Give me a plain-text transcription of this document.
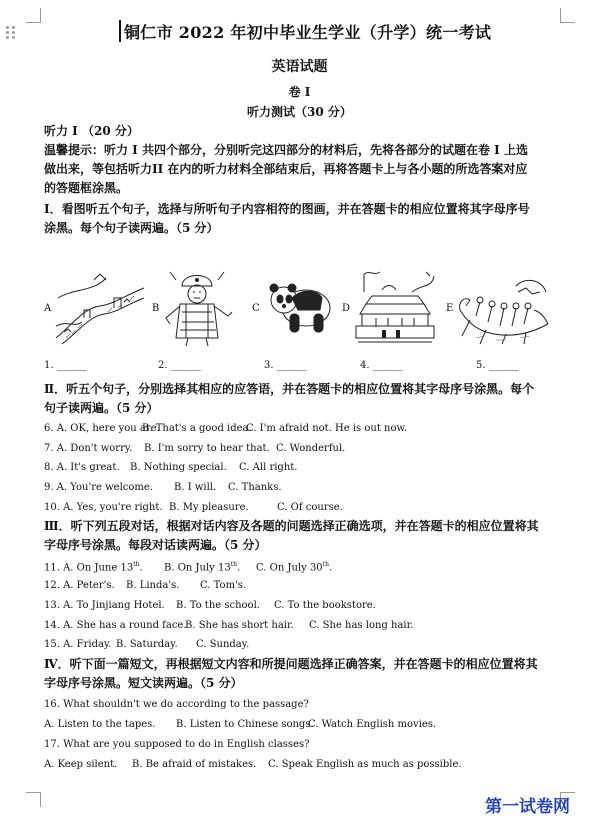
铜仁市 2022 年初中毕业生学业（升学）统一考试
英语试题
卷 I
听力测试（30 分）
听力 I （20 分）
温馨提示：听力 I 共四个部分，分别听完这四部分的材料后，先将各部分的试题在卷 I 上选
做出来，等包括听力II 在内的听力材料全部结束后，再将答题卡上与各小题的所选答案对应
的答题框涂黑。
Ⅰ．看图听五个句子，选择与所听句子内容相符的图画，并在答题卡的相应位置将其字母序号
涂黑。每个句子读两遍。（5 分）
A	B	C	D	E
1. ______	2. ______	3. ______	4. ______	5. ______
Ⅱ．听五个句子，分别选择其相应的应答语，并在答题卡的相应位置将其字母序号涂黑。每个
句子读两遍。（5 分）
6. A. OK, here you are.B. That's a good idea.C. I'm afraid not. He is out now.
7. A. Don't worry. B. I'm sorry to hear that. C. Wonderful.
8. A. It's great. B. Nothing special. C. All right.
9. A. You're welcome. B. I will. C. Thanks.
10. A. Yes, you're right. B. My pleasure.	C. Of course.
Ⅲ．听下列五段对话，根据对话内容及各题的问题选择正确选项，并在答题卡的相应位置将其
字母序号涂黑。每段对话读两遍。（5 分）
11. A. On June 13th. B. On July 13th. C. On July 30th.
12. A. Peter's. B. Linda's. C. Tom's.
13. A. To Jinjiang Hotel. B. To the school. C. To the bookstore.
14. A. She has a round face.B. She has short hair. C. She has long hair.
15. A. Friday. B. Saturday. C. Sunday.
Ⅳ．听下面一篇短文，再根据短文内容和所提问题选择正确答案，并在答题卡的相应位置将其
字母序号涂黑。短文读两遍。（5 分）
16. What shouldn't we do according to the passage?
A. Listen to the tapes. B. Listen to Chinese songs.C. Watch English movies.
17. What are you supposed to do in English classes?
A. Keep silent. B. Be afraid of mistakes. C. Speak English as much as possible.
第一试卷网
